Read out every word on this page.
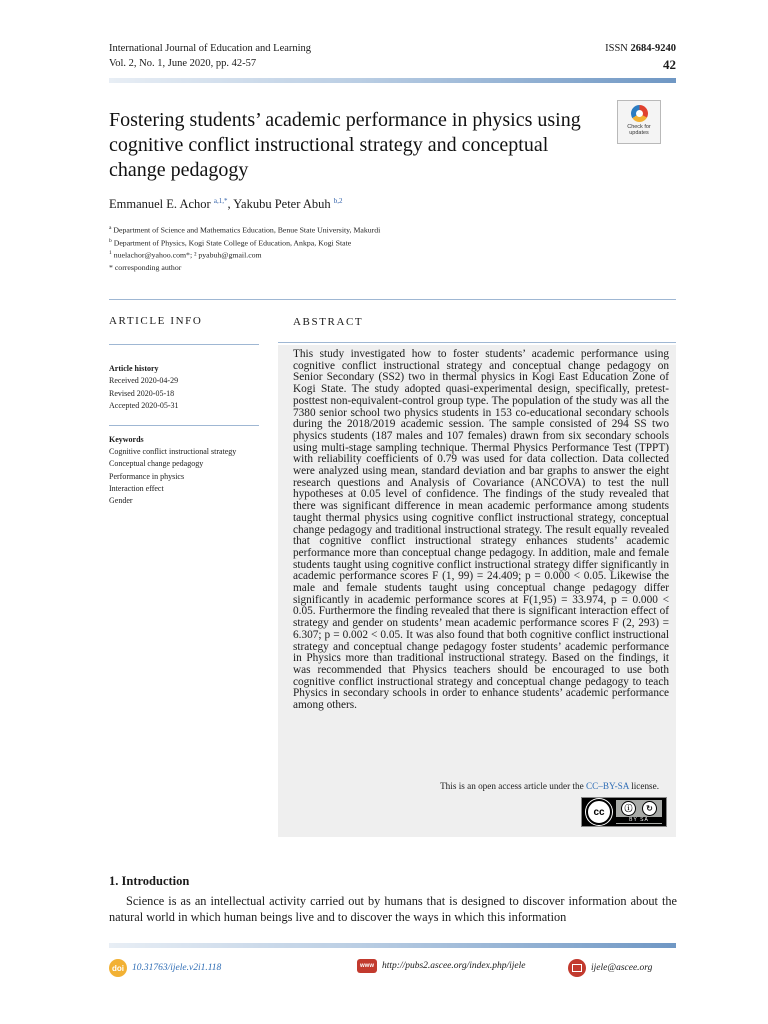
International Journal of Education and Learning
Vol. 2, No. 1, June 2020, pp. 42-57
ISSN 2684-9240
42
Fostering students’ academic performance in physics using cognitive conflict instructional strategy and conceptual change pedagogy
Check for updates
Emmanuel E. Achor $^{a,1,*}$, Yakubu Peter Abuh $^{b,2}$
$^a$ Department of Science and Mathematics Education, Benue State University, Makurdi
$^b$ Department of Physics, Kogi State College of Education, Ankpa, Kogi State
$^1$ nuelachor@yahoo.com*; ² pyabuh@gmail.com
* corresponding author
ARTICLE INFO
Article history
Received 2020-04-29
Revised 2020-05-18
Accepted 2020-05-31
Keywords
Cognitive conflict instructional strategy
Conceptual change pedagogy
Performance in physics
Interaction effect
Gender
ABSTRACT
This study investigated how to foster students’ academic performance using cognitive conflict instructional strategy and conceptual change pedagogy on Senior Secondary (SS2) two in thermal physics in Kogi East Education Zone of Kogi State. The study adopted quasi-experimental design, specifically, pretest-posttest non-equivalent-control group type. The population of the study was all the 7380 senior school two physics students in 153 co-educational secondary schools during the 2018/2019 academic session. The sample consisted of 294 SS two physics students (187 males and 107 females) drawn from six secondary schools using multi-stage sampling technique. Thermal Physics Performance Test (TPPT) with reliability coefficients of 0.79 was used for data collection. Data collected were analyzed using mean, standard deviation and bar graphs to answer the eight research questions and Analysis of Covariance (ANCOVA) to test the null hypotheses at 0.05 level of confidence. The findings of the study revealed that there was significant difference in mean academic performance among students taught thermal physics using cognitive conflict instructional strategy, conceptual change pedagogy and traditional instructional strategy. The result equally revealed that cognitive conflict instructional strategy enhances students’ academic performance more than conceptual change pedagogy. In addition, male and female students taught using cognitive conflict instructional strategy differ significantly in academic performance scores F (1, 99) = 24.409; p = 0.000 < 0.05. Likewise the male and female students taught using conceptual change pedagogy differ significantly in academic performance scores at F(1,95) = 33.974, p = 0.000 < 0.05. Furthermore the finding revealed that there is significant interaction effect of strategy and gender on students’ mean academic performance scores F (2, 293) = 6.307; p = 0.002 < 0.05. It was also found that both cognitive conflict instructional strategy and conceptual change pedagogy foster students’ academic performance in Physics more than traditional instructional strategy. Based on the findings, it was recommended that Physics teachers should be encouraged to use both cognitive conflict instructional strategy and conceptual change pedagogy to teach Physics in secondary schools in order to enhance students’ academic performance among others.
This is an open access article under the CC–BY-SA license.
cc	ⓘ	↻
BY SA
1. Introduction
Science is as an intellectual activity carried out by humans that is designed to discover information about the natural world in which human beings live and to discover the ways in which this information
doi 10.31763/ijele.v2i1.118	www http://pubs2.ascee.org/index.php/ijele	ijele@ascee.org
